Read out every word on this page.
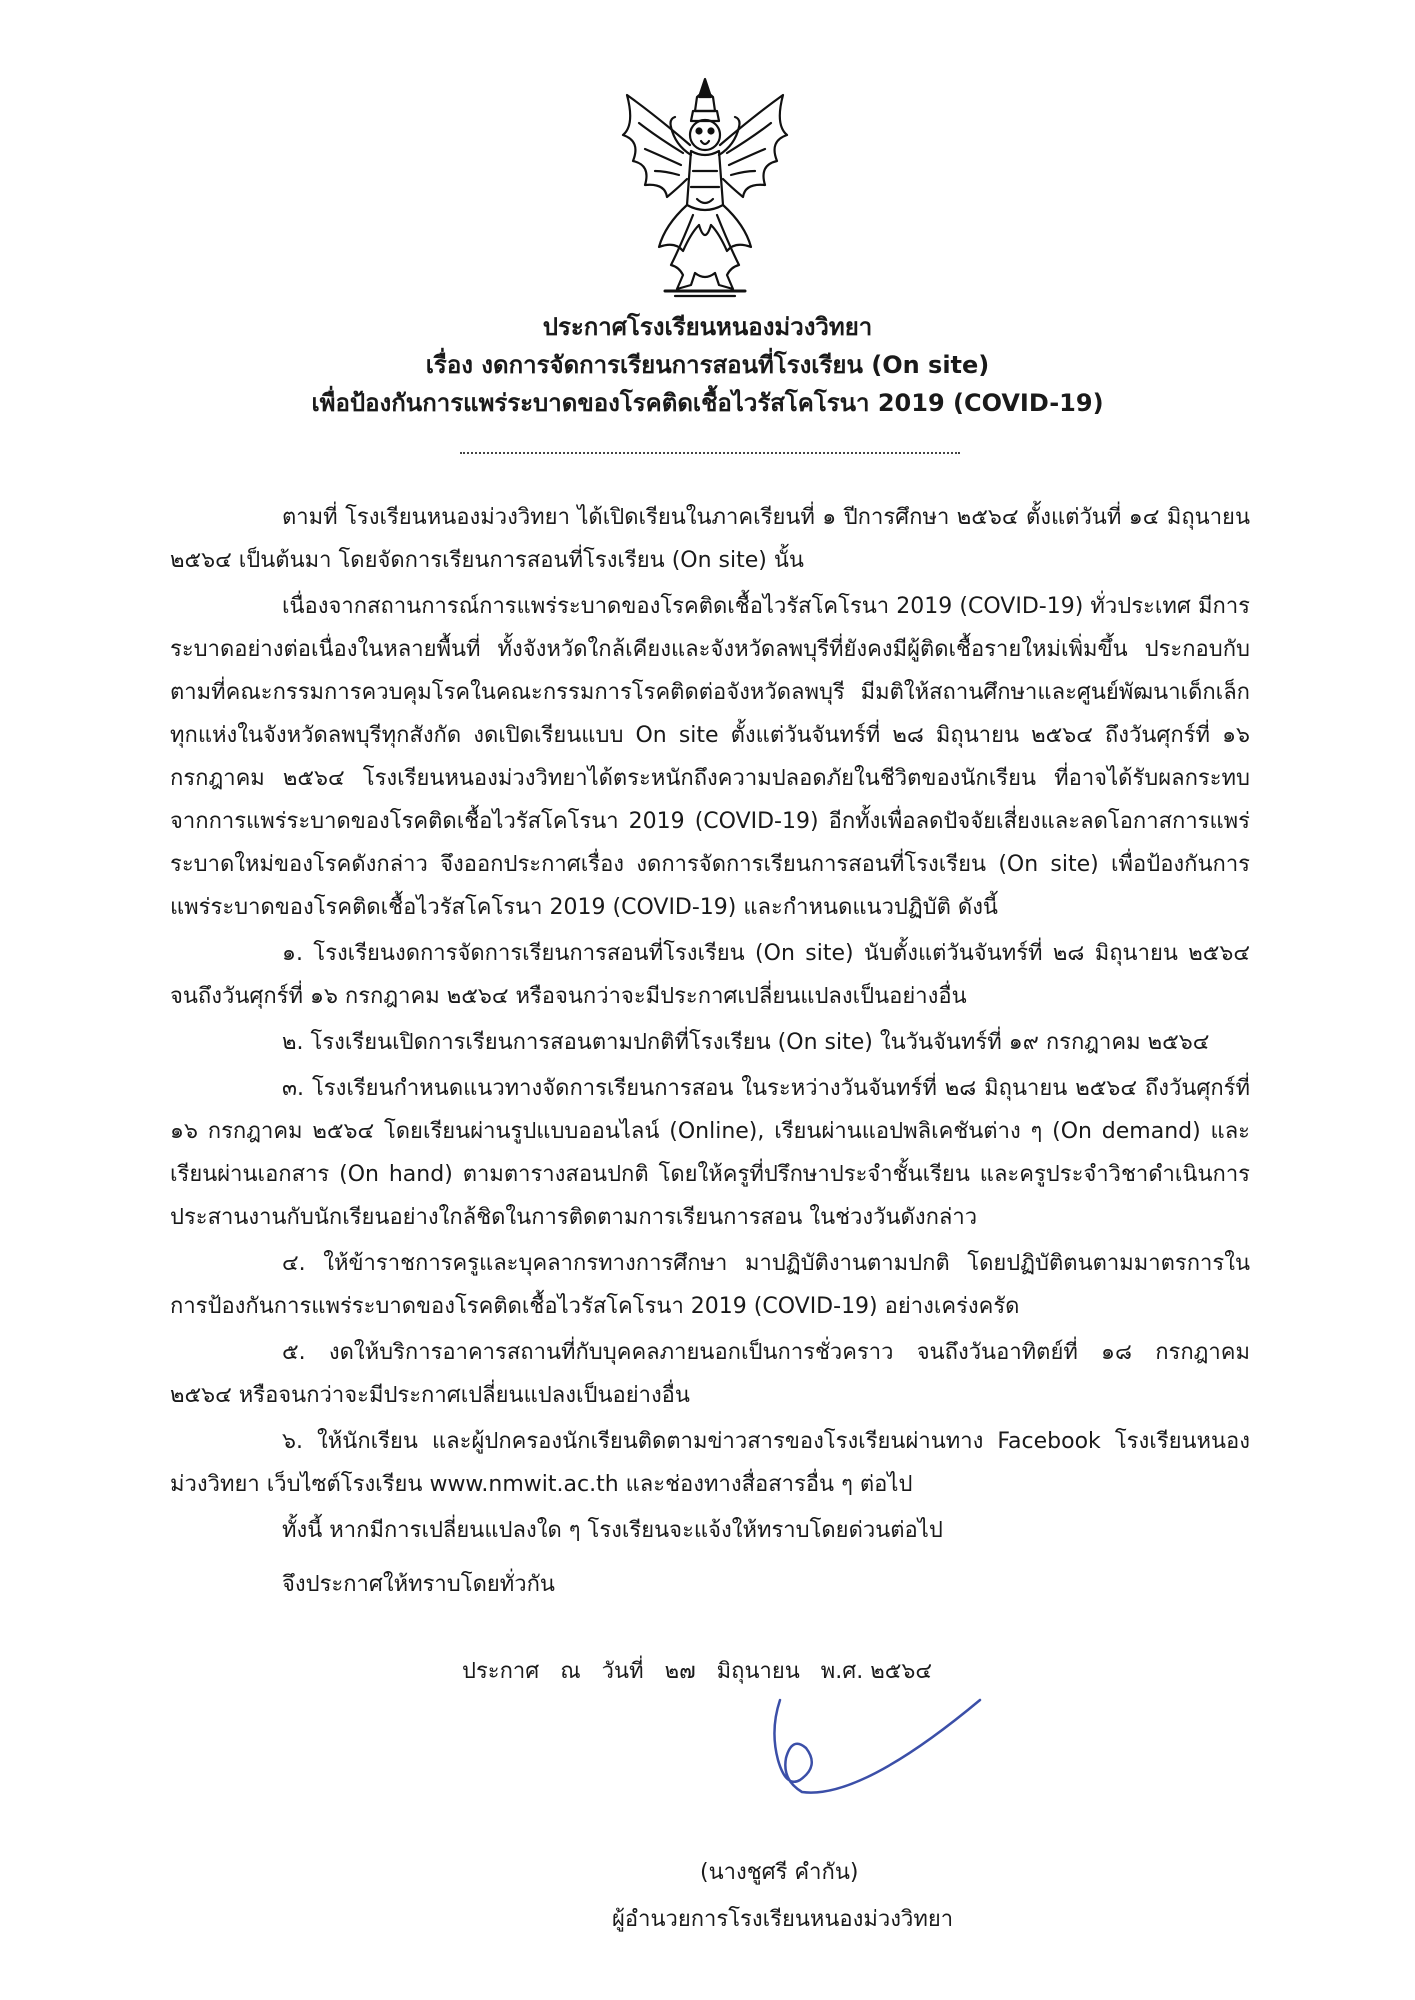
ประกาศโรงเรียนหนองม่วงวิทยา
เรื่อง งดการจัดการเรียนการสอนที่โรงเรียน (On site)
เพื่อป้องกันการแพร่ระบาดของโรคติดเชื้อไวรัสโคโรนา 2019 (COVID-19)

ตามที่ โรงเรียนหนองม่วงวิทยา ได้เปิดเรียนในภาคเรียนที่ ๑ ปีการศึกษา ๒๕๖๔ ตั้งแต่วันที่ ๑๔ มิถุนายน ๒๕๖๔ เป็นต้นมา โดยจัดการเรียนการสอนที่โรงเรียน (On site) นั้น

เนื่องจากสถานการณ์การแพร่ระบาดของโรคติดเชื้อไวรัสโคโรนา 2019 (COVID-19) ทั่วประเทศ มีการระบาดอย่างต่อเนื่องในหลายพื้นที่ ทั้งจังหวัดใกล้เคียงและจังหวัดลพบุรีที่ยังคงมีผู้ติดเชื้อรายใหม่เพิ่มขึ้น ประกอบกับตามที่คณะกรรมการควบคุมโรคในคณะกรรมการโรคติดต่อจังหวัดลพบุรี มีมติให้สถานศึกษาและศูนย์พัฒนาเด็กเล็กทุกแห่งในจังหวัดลพบุรีทุกสังกัด งดเปิดเรียนแบบ On site ตั้งแต่วันจันทร์ที่ ๒๘ มิถุนายน ๒๕๖๔ ถึงวันศุกร์ที่ ๑๖ กรกฎาคม ๒๕๖๔ โรงเรียนหนองม่วงวิทยาได้ตระหนักถึงความปลอดภัยในชีวิตของนักเรียน ที่อาจได้รับผลกระทบจากการแพร่ระบาดของโรคติดเชื้อไวรัสโคโรนา 2019 (COVID-19) อีกทั้งเพื่อลดปัจจัยเสี่ยงและลดโอกาสการแพร่ระบาดใหม่ของโรคดังกล่าว จึงออกประกาศเรื่อง งดการจัดการเรียนการสอนที่โรงเรียน (On site) เพื่อป้องกันการแพร่ระบาดของโรคติดเชื้อไวรัสโคโรนา 2019 (COVID-19) และกำหนดแนวปฏิบัติ ดังนี้

๑. โรงเรียนงดการจัดการเรียนการสอนที่โรงเรียน (On site) นับตั้งแต่วันจันทร์ที่ ๒๘ มิถุนายน ๒๕๖๔ จนถึงวันศุกร์ที่ ๑๖ กรกฎาคม ๒๕๖๔ หรือจนกว่าจะมีประกาศเปลี่ยนแปลงเป็นอย่างอื่น

๒. โรงเรียนเปิดการเรียนการสอนตามปกติที่โรงเรียน (On site) ในวันจันทร์ที่ ๑๙ กรกฎาคม ๒๕๖๔

๓. โรงเรียนกำหนดแนวทางจัดการเรียนการสอน ในระหว่างวันจันทร์ที่ ๒๘ มิถุนายน ๒๕๖๔ ถึงวันศุกร์ที่ ๑๖ กรกฎาคม ๒๕๖๔ โดยเรียนผ่านรูปแบบออนไลน์ (Online), เรียนผ่านแอปพลิเคชันต่าง ๆ (On demand) และเรียนผ่านเอกสาร (On hand) ตามตารางสอนปกติ โดยให้ครูที่ปรึกษาประจำชั้นเรียน และครูประจำวิชาดำเนินการประสานงานกับนักเรียนอย่างใกล้ชิดในการติดตามการเรียนการสอน ในช่วงวันดังกล่าว

๔. ให้ข้าราชการครูและบุคลากรทางการศึกษา มาปฏิบัติงานตามปกติ โดยปฏิบัติตนตามมาตรการในการป้องกันการแพร่ระบาดของโรคติดเชื้อไวรัสโคโรนา 2019 (COVID-19) อย่างเคร่งครัด

๕. งดให้บริการอาคารสถานที่กับบุคคลภายนอกเป็นการชั่วคราว จนถึงวันอาทิตย์ที่ ๑๘ กรกฎาคม ๒๕๖๔ หรือจนกว่าจะมีประกาศเปลี่ยนแปลงเป็นอย่างอื่น

๖. ให้นักเรียน และผู้ปกครองนักเรียนติดตามข่าวสารของโรงเรียนผ่านทาง Facebook โรงเรียนหนองม่วงวิทยา เว็บไซต์โรงเรียน www.nmwit.ac.th และช่องทางสื่อสารอื่น ๆ ต่อไป

ทั้งนี้ หากมีการเปลี่ยนแปลงใด ๆ โรงเรียนจะแจ้งให้ทราบโดยด่วนต่อไป

จึงประกาศให้ทราบโดยทั่วกัน
ประกาศ ณ วันที่ ๒๗ มิถุนายน พ.ศ. ๒๕๖๔
(นางชูศรี คำกัน)
ผู้อำนวยการโรงเรียนหนองม่วงวิทยา
